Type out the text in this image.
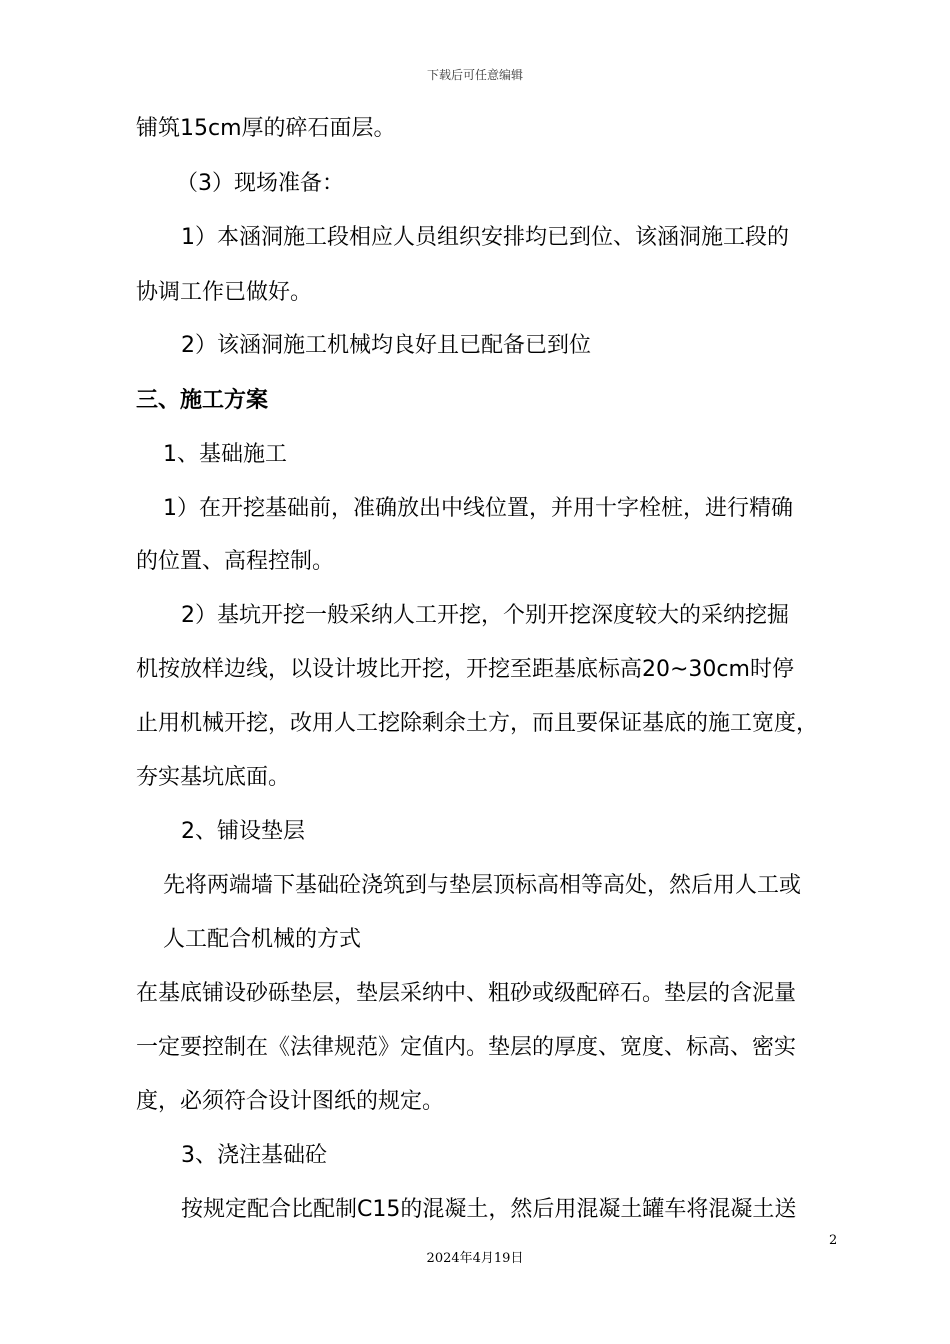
下载后可任意编辑
铺筑15cm厚的碎石面层。
（3）现场准备：
1）本涵洞施工段相应人员组织安排均已到位、该涵洞施工段的
协调工作已做好。
2）该涵洞施工机械均良好且已配备已到位
三、施工方案
1、基础施工
1）在开挖基础前，准确放出中线位置，并用十字栓桩，进行精确
的位置、高程控制。
2）基坑开挖一般采纳人工开挖，个别开挖深度较大的采纳挖掘
机按放样边线，以设计坡比开挖，开挖至距基底标高20~30cm时停
止用机械开挖，改用人工挖除剩余土方，而且要保证基底的施工宽度，
夯实基坑底面。
2、铺设垫层
先将两端墙下基础砼浇筑到与垫层顶标高相等高处，然后用人工或
人工配合机械的方式
在基底铺设砂砾垫层，垫层采纳中、粗砂或级配碎石。垫层的含泥量
一定要控制在《法律规范》定值内。垫层的厚度、宽度、标高、密实
度，必须符合设计图纸的规定。
3、浇注基础砼
按规定配合比配制C15的混凝土，然后用混凝土罐车将混凝土送
2
2024年4月19日
